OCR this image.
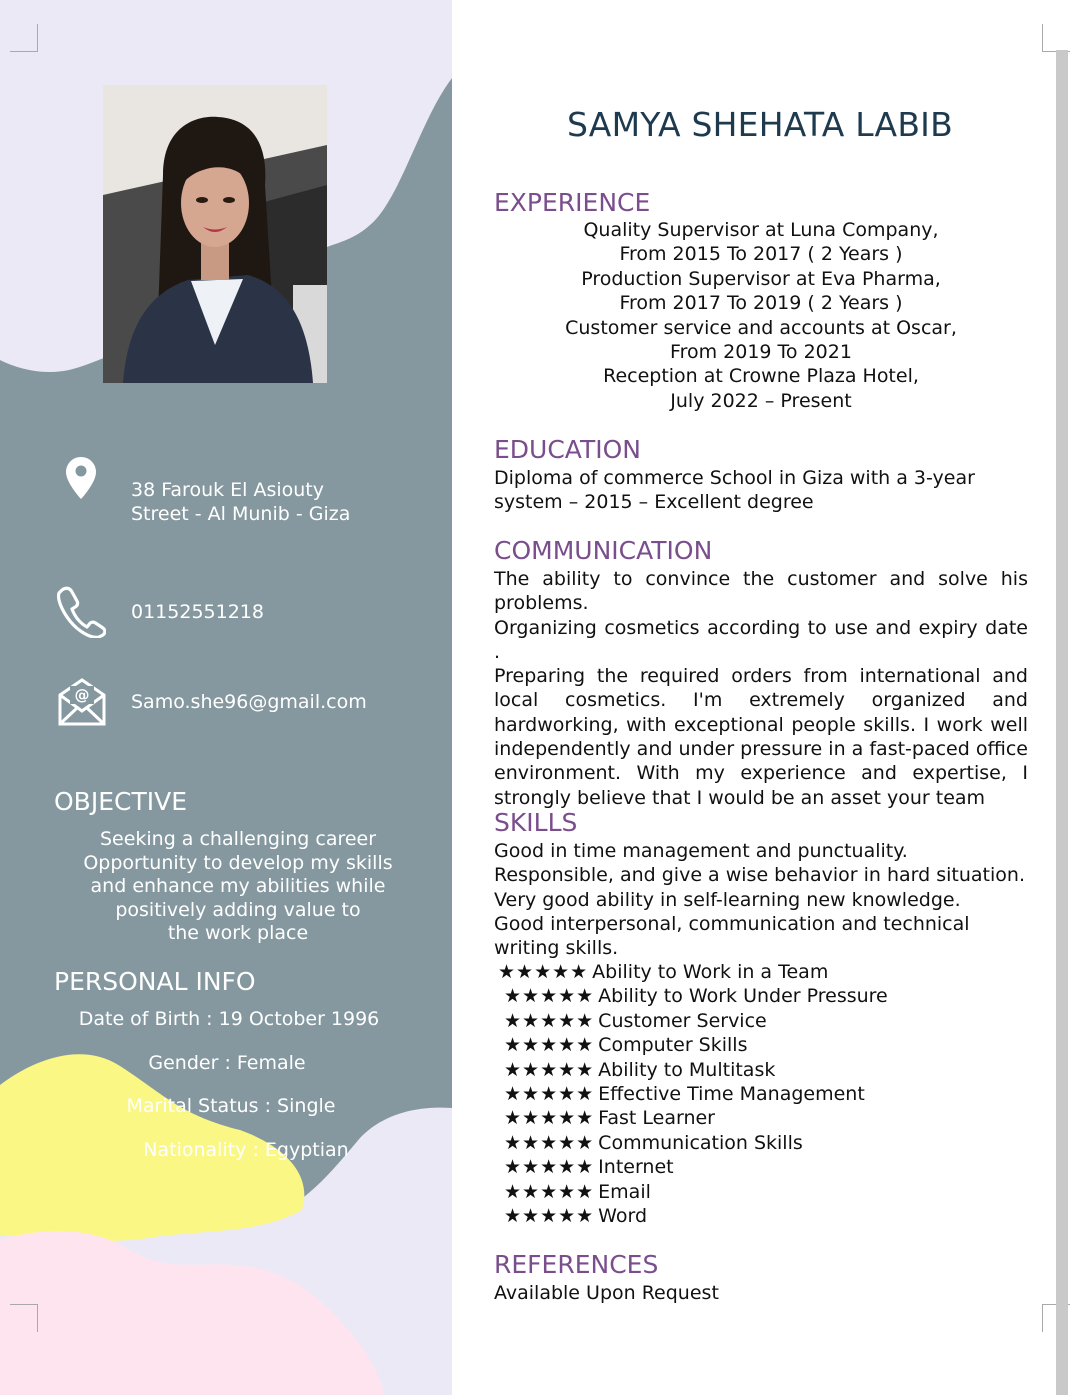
38 Farouk El Asiouty
Street - Al Munib - Giza
01152551218
@ Samo.she96@gmail.com
OBJECTIVE
Seeking a challenging career
Opportunity to develop my skills
and enhance my abilities while
positively adding value to
the work place
PERSONAL INFO
Date of Birth : 19 October 1996
Gender : Female
Marital Status : Single
Nationality : Egyptian
SAMYA SHEHATA LABIB
EXPERIENCE
Quality Supervisor at Luna Company,
From 2015 To 2017 ( 2 Years )
Production Supervisor at Eva Pharma,
From 2017 To 2019 ( 2 Years )
Customer service and accounts at Oscar,
From 2019 To 2021
Reception at Crowne Plaza Hotel,
July 2022 – Present
EDUCATION
Diploma of commerce School in Giza with a 3-year system – 2015 – Excellent degree
COMMUNICATION
The ability to convince the customer and solve his problems.
Organizing cosmetics according to use and expiry date .
Preparing the required orders from international and local cosmetics. I'm extremely organized and hardworking, with exceptional people skills. I work well independently and under pressure in a fast-paced office environment. With my experience and expertise, I strongly believe that I would be an asset your team
SKILLS
Good in time management and punctuality.
Responsible, and give a wise behavior in hard situation.
Very good ability in self-learning new knowledge.
Good interpersonal, communication and technical writing skills.
★★★★★ Ability to Work in a Team
★★★★★ Ability to Work Under Pressure
★★★★★ Customer Service
★★★★★ Computer Skills
★★★★★ Ability to Multitask
★★★★★ Effective Time Management
★★★★★ Fast Learner
★★★★★ Communication Skills
★★★★★ Internet
★★★★★ Email
★★★★★ Word
REFERENCES
Available Upon Request
